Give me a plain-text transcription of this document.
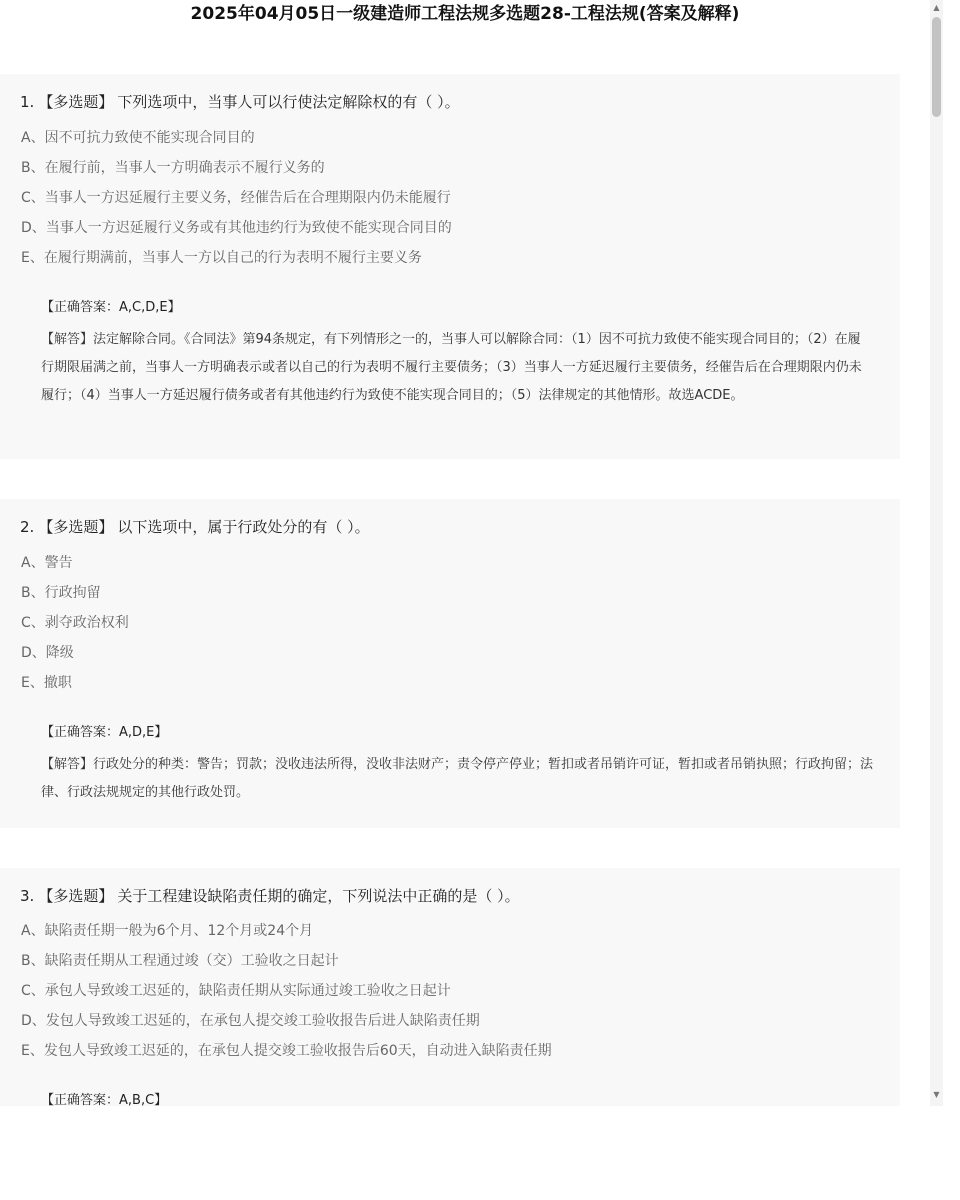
2025年04月05日一级建造师工程法规多选题28-工程法规(答案及解释)
1. 【多选题】 下列选项中，当事人可以行使法定解除权的有（ ）。
A、因不可抗力致使不能实现合同目的
B、在履行前，当事人一方明确表示不履行义务的
C、当事人一方迟延履行主要义务，经催告后在合理期限内仍未能履行
D、当事人一方迟延履行义务或有其他违约行为致使不能实现合同目的
E、在履行期满前，当事人一方以自己的行为表明不履行主要义务
【正确答案：A,C,D,E】
【解答】法定解除合同。《合同法》第94条规定，有下列情形之一的，当事人可以解除合同：（1）因不可抗力致使不能实现合同目的；（2）在履行期限届满之前，当事人一方明确表示或者以自己的行为表明不履行主要债务；（3）当事人一方延迟履行主要债务，经催告后在合理期限内仍未履行；（4）当事人一方延迟履行债务或者有其他违约行为致使不能实现合同目的；（5）法律规定的其他情形。故选ACDE。
2. 【多选题】 以下选项中，属于行政处分的有（ ）。
A、警告
B、行政拘留
C、剥夺政治权利
D、降级
E、撤职
【正确答案：A,D,E】
【解答】行政处分的种类：警告；罚款；没收违法所得，没收非法财产；责令停产停业；暂扣或者吊销许可证，暂扣或者吊销执照；行政拘留；法律、行政法规规定的其他行政处罚。
3. 【多选题】 关于工程建设缺陷责任期的确定，下列说法中正确的是（ ）。
A、缺陷责任期一般为6个月、12个月或24个月
B、缺陷责任期从工程通过竣（交）工验收之日起计
C、承包人导致竣工迟延的，缺陷责任期从实际通过竣工验收之日起计
D、发包人导致竣工迟延的，在承包人提交竣工验收报告后进人缺陷责任期
E、发包人导致竣工迟延的，在承包人提交竣工验收报告后60天，自动进入缺陷责任期
【正确答案：A,B,C】
▲
▼
